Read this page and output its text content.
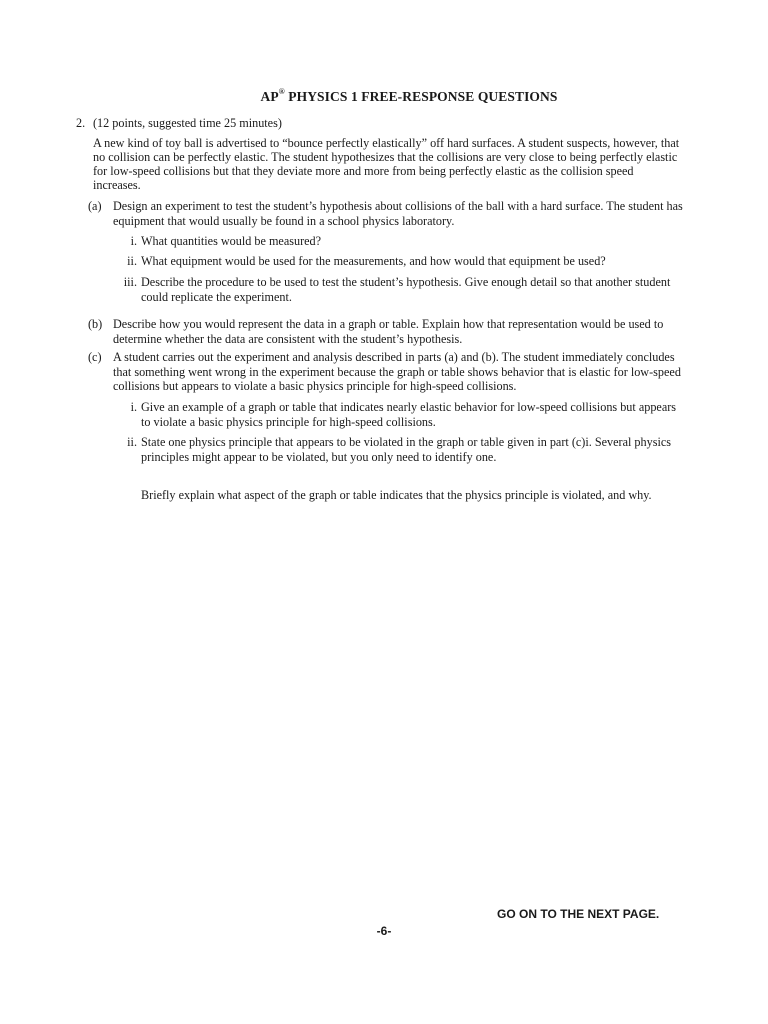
AP® PHYSICS 1 FREE-RESPONSE QUESTIONS
2. (12 points, suggested time 25 minutes)
A new kind of toy ball is advertised to “bounce perfectly elastically” off hard surfaces. A student suspects, however, that no collision can be perfectly elastic. The student hypothesizes that the collisions are very close to being perfectly elastic for low-speed collisions but that they deviate more and more from being perfectly elastic as the collision speed increases.
(a) Design an experiment to test the student’s hypothesis about collisions of the ball with a hard surface. The student has equipment that would usually be found in a school physics laboratory.
i. What quantities would be measured?
ii. What equipment would be used for the measurements, and how would that equipment be used?
iii. Describe the procedure to be used to test the student’s hypothesis. Give enough detail so that another student could replicate the experiment.
(b) Describe how you would represent the data in a graph or table. Explain how that representation would be used to determine whether the data are consistent with the student’s hypothesis.
(c) A student carries out the experiment and analysis described in parts (a) and (b). The student immediately concludes that something went wrong in the experiment because the graph or table shows behavior that is elastic for low-speed collisions but appears to violate a basic physics principle for high-speed collisions.
i. Give an example of a graph or table that indicates nearly elastic behavior for low-speed collisions but appears to violate a basic physics principle for high-speed collisions.
ii. State one physics principle that appears to be violated in the graph or table given in part (c)i. Several physics principles might appear to be violated, but you only need to identify one.
Briefly explain what aspect of the graph or table indicates that the physics principle is violated, and why.
GO ON TO THE NEXT PAGE.
-6-
